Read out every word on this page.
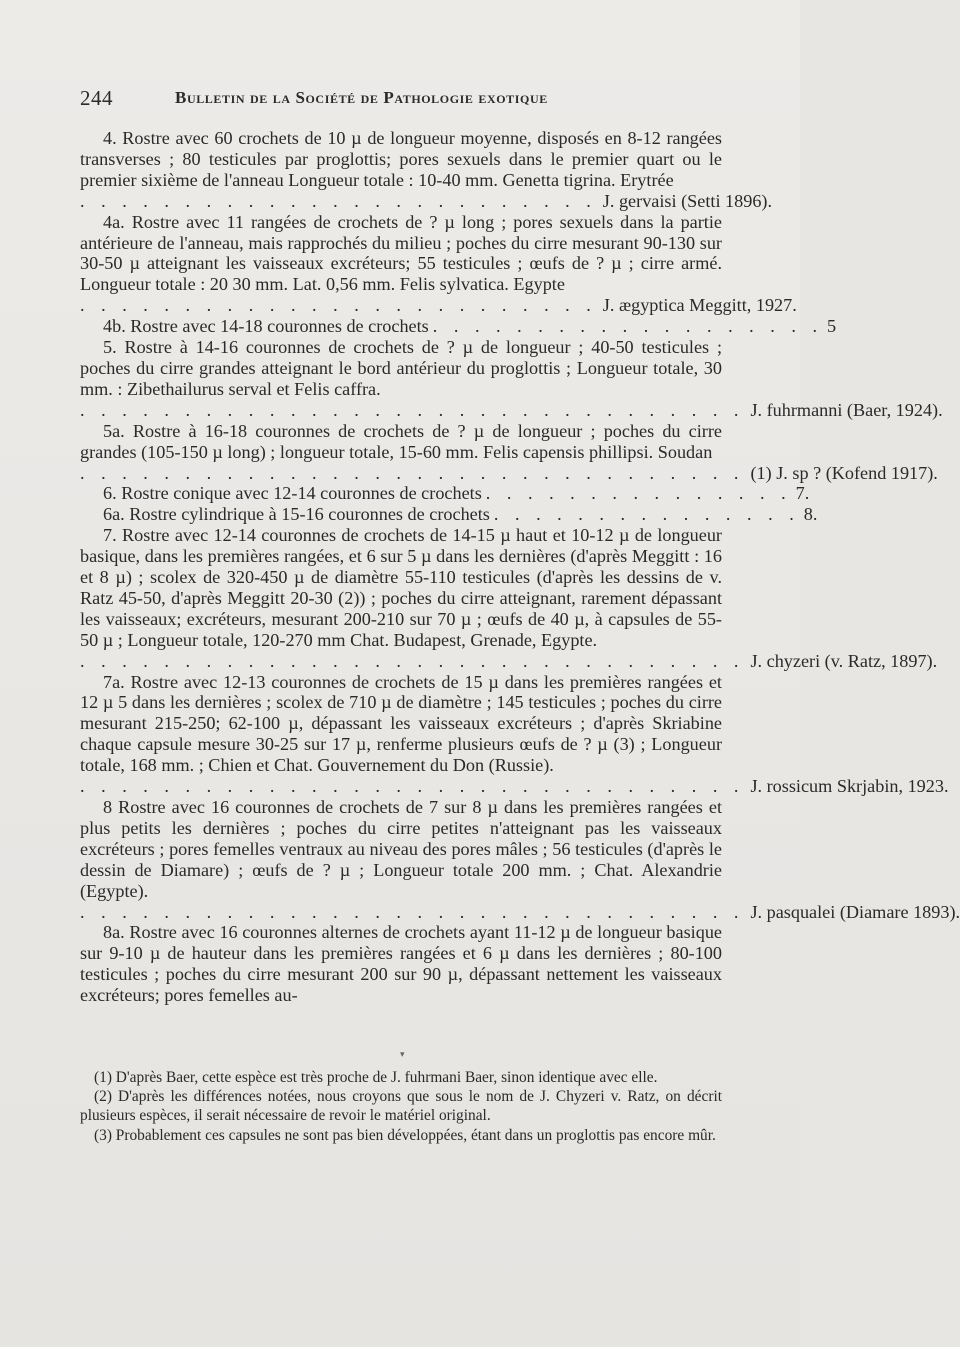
244	Bulletin de la Société de Pathologie exotique
4. Rostre avec 60 crochets de 10 µ de longueur moyenne, disposés en 8-12 rangées transverses ; 80 testicules par proglottis; pores sexuels dans le premier quart ou le premier sixième de l'anneau Longueur totale : 10-40 mm. Genetta tigrina. Erytrée
. . . . . . . . . . . . . . . . . . . . . . . . . J. gervaisi (Setti 1896).
4a. Rostre avec 11 rangées de crochets de ? µ long ; pores sexuels dans la partie antérieure de l'anneau, mais rapprochés du milieu ; poches du cirre mesurant 90-130 sur 30-50 µ atteignant les vaisseaux excréteurs; 55 testicules ; œufs de ? µ ; cirre armé. Longueur totale : 20 30 mm. Lat. 0,56 mm. Felis sylvatica. Egypte
. . . . . . . . . . . . . . . . . . . . . . . . . J. ægyptica Meggitt, 1927.
4b. Rostre avec 14-18 couronnes de crochets . . . . . . . . . . . . . . . . . . . 5
5. Rostre à 14-16 couronnes de crochets de ? µ de longueur ; 40-50 testicules ; poches du cirre grandes atteignant le bord antérieur du proglottis ; Longueur totale, 30 mm. : Zibethailurus serval et Felis caffra.
. . . . . . . . . . . . . . . . . . . . . . . . . . . . . . . . J. fuhrmanni (Baer, 1924).
5a. Rostre à 16-18 couronnes de crochets de ? µ de longueur ; poches du cirre grandes (105-150 µ long) ; longueur totale, 15-60 mm. Felis capensis phillipsi. Soudan
. . . . . . . . . . . . . . . . . . . . . . . . . . . . . . . . (1) J. sp ? (Kofend 1917).
6. Rostre conique avec 12-14 couronnes de crochets . . . . . . . . . . . . . . . 7.
6a. Rostre cylindrique à 15-16 couronnes de crochets . . . . . . . . . . . . . . . 8.
7. Rostre avec 12-14 couronnes de crochets de 14-15 µ haut et 10-12 µ de longueur basique, dans les premières rangées, et 6 sur 5 µ dans les dernières (d'après Meggitt : 16 et 8 µ) ; scolex de 320-450 µ de diamètre 55-110 testicules (d'après les dessins de v. Ratz 45-50, d'après Meggitt 20-30 (2)) ; poches du cirre atteignant, rarement dépassant les vaisseaux; excréteurs, mesurant 200-210 sur 70 µ ; œufs de 40 µ, à capsules de 55-50 µ ; Longueur totale, 120-270 mm Chat. Budapest, Grenade, Egypte.
. . . . . . . . . . . . . . . . . . . . . . . . . . . . . . . . J. chyzeri (v. Ratz, 1897).
7a. Rostre avec 12-13 couronnes de crochets de 15 µ dans les premières rangées et 12 µ 5 dans les dernières ; scolex de 710 µ de diamètre ; 145 testicules ; poches du cirre mesurant 215-250; 62-100 µ, dépassant les vaisseaux excréteurs ; d'après Skriabine chaque capsule mesure 30-25 sur 17 µ, renferme plusieurs œufs de ? µ (3) ; Longueur totale, 168 mm. ; Chien et Chat. Gouvernement du Don (Russie).
. . . . . . . . . . . . . . . . . . . . . . . . . . . . . . . . J. rossicum Skrjabin, 1923.
8 Rostre avec 16 couronnes de crochets de 7 sur 8 µ dans les premières rangées et plus petits les dernières ; poches du cirre petites n'atteignant pas les vaisseaux excréteurs ; pores femelles ventraux au niveau des pores mâles ; 56 testicules (d'après le dessin de Diamare) ; œufs de ? µ ; Longueur totale 200 mm. ; Chat. Alexandrie (Egypte).
. . . . . . . . . . . . . . . . . . . . . . . . . . . . . . . . J. pasqualei (Diamare 1893).
8a. Rostre avec 16 couronnes alternes de crochets ayant 11-12 µ de longueur basique sur 9-10 µ de hauteur dans les premières rangées et 6 µ dans les dernières ; 80-100 testicules ; poches du cirre mesurant 200 sur 90 µ, dépassant nettement les vaisseaux excréteurs; pores femelles au-
▾

(1) D'après Baer, cette espèce est très proche de J. fuhrmani Baer, sinon identique avec elle.

(2) D'après les différences notées, nous croyons que sous le nom de J. Chyzeri v. Ratz, on décrit plusieurs espèces, il serait nécessaire de revoir le matériel original.

(3) Probablement ces capsules ne sont pas bien développées, étant dans un proglottis pas encore mûr.
